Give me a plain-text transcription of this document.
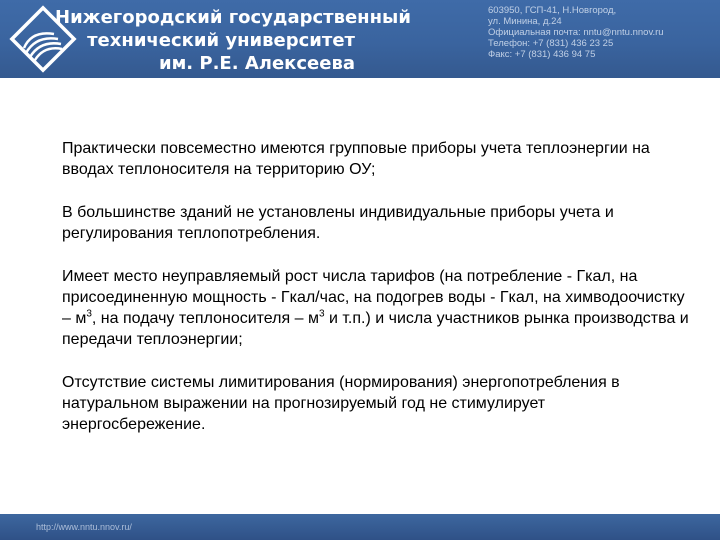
Нижегородский государственный
технический университет
им. Р.Е. Алексеева
603950, ГСП-41, Н.Новгород,
ул. Минина, д.24
Официальная почта: nntu@nntu.nnov.ru
Телефон: +7 (831) 436 23 25
Факс: +7 (831) 436 94 75

Практически повсеместно имеются групповые приборы учета теплоэнергии на вводах теплоносителя на территорию ОУ;

В большинстве зданий не установлены индивидуальные приборы учета и регулирования теплопотребления.

Имеет место неуправляемый рост числа тарифов (на потребление - Гкал, на присоединенную мощность - Гкал/час, на подогрев воды - Гкал, на химводоочистку – $м^3$, на подачу теплоносителя – $м^3$ и т.п.) и числа участников рынка производства и передачи теплоэнергии;

Отсутствие системы лимитирования (нормирования) энергопотребления в натуральном выражении на прогнозируемый год не стимулирует энергосбережение.

http://www.nntu.nnov.ru/
